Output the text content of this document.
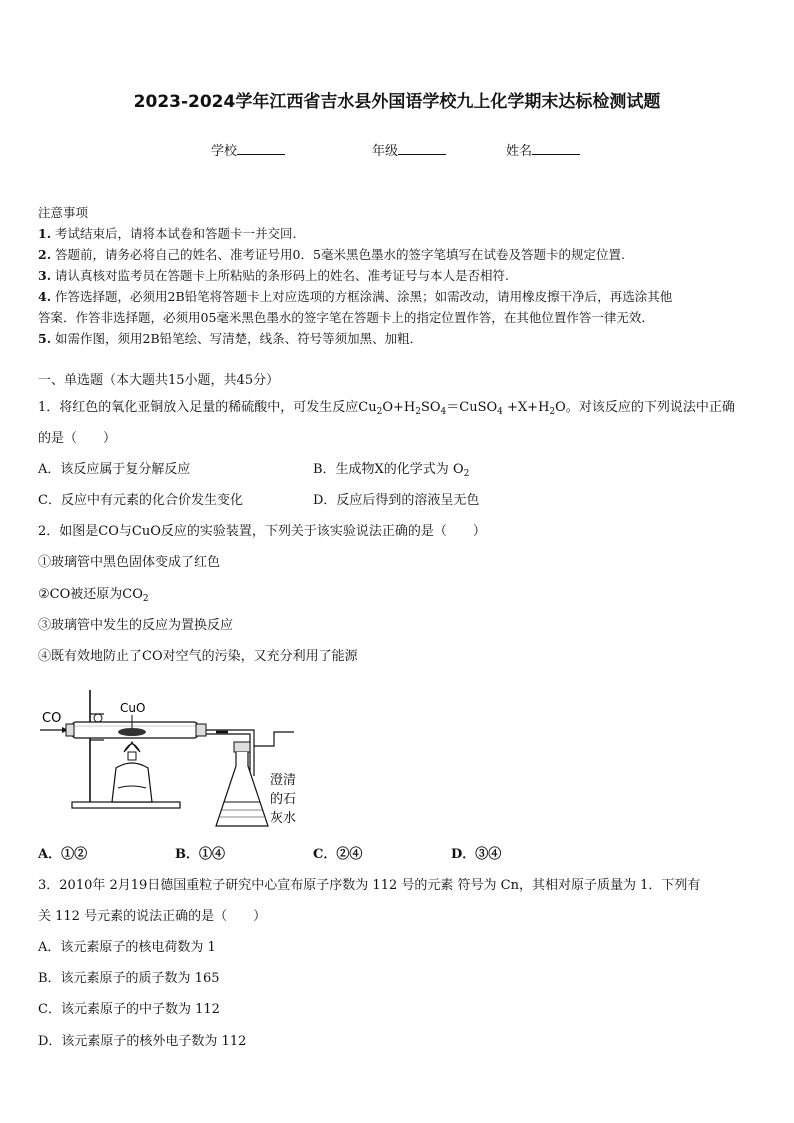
2023-2024学年江西省吉水县外国语学校九上化学期末达标检测试题
学校	年级	姓名
注意事项
1. 考试结束后，请将本试卷和答题卡一并交回.
2. 答题前，请务必将自己的姓名、准考证号用0．5毫米黑色墨水的签字笔填写在试卷及答题卡的规定位置.
3. 请认真核对监考员在答题卡上所粘贴的条形码上的姓名、准考证号与本人是否相符.
4. 作答选择题，必须用2B铅笔将答题卡上对应选项的方框涂满、涂黑；如需改动，请用橡皮擦干净后，再选涂其他
答案．作答非选择题，必须用05毫米黑色墨水的签字笔在答题卡上的指定位置作答，在其他位置作答一律无效．
5. 如需作图，须用2B铅笔绘、写清楚，线条、符号等须加黑、加粗．
一、单选题（本大题共15小题，共45分）
1．将红色的氧化亚铜放入足量的稀硫酸中，可发生反应$Cu_2O+H_2SO_4=CuSO_4 +X+H_2O$。对该反应的下列说法中正确
的是（　　）
A．该反应属于复分解反应	B．生成物X的化学式为 $O_2$
C．反应中有元素的化合价发生变化	D．反应后得到的溶液呈无色
2．如图是CO与CuO反应的实验装置，下列关于该实验说法正确的是（　　）
①玻璃管中黑色固体变成了红色
②CO被还原为$CO_2$
③玻璃管中发生的反应为置换反应
④既有效地防止了CO对空气的污染，又充分利用了能源
CO
CuO
澄清
的石
灰水
A．①②	B．①④	C．②④	D．③④
3．2010年 2月19日德国重粒子研究中心宣布原子序数为 112 号的元素 符号为 Cn，其相对原子质量为 1．下列有
关 112 号元素的说法正确的是（　　）
A．该元素原子的核电荷数为 1
B．该元素原子的质子数为 165
C．该元素原子的中子数为 112
D．该元素原子的核外电子数为 112
